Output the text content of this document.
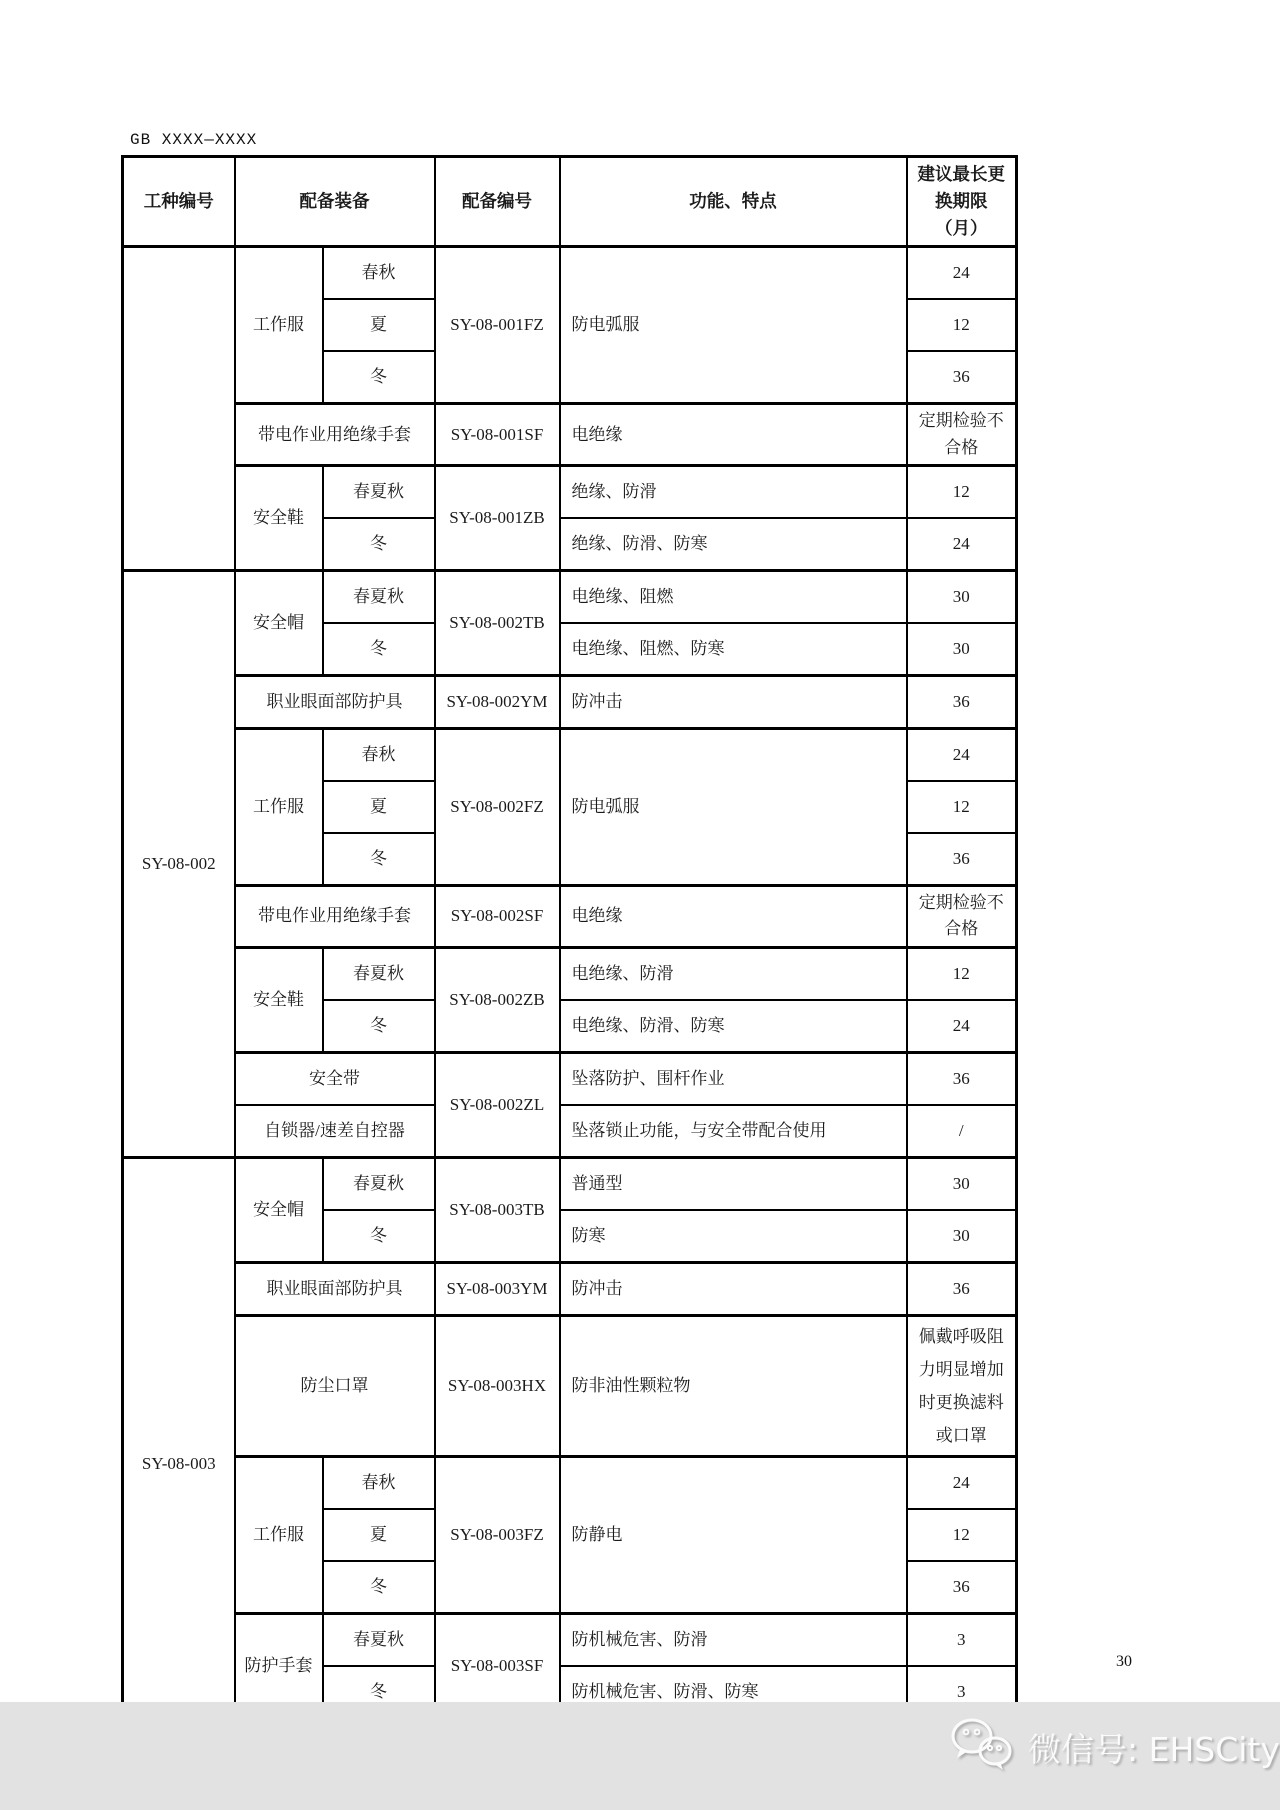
GB XXXX—XXXX
工种编号	配备装备		配备编号	功能、特点	建议最长更换期限（月）
	工作服	春秋	SY-08-001FZ	防电弧服	24
		夏			12
		冬			36
	带电作业用绝缘手套		SY-08-001SF	电绝缘	定期检验不合格
	安全鞋	春夏秋	SY-08-001ZB	绝缘、防滑	12
		冬		绝缘、防滑、防寒	24
SY-08-002	安全帽	春夏秋	SY-08-002TB	电绝缘、阻燃	30
		冬		电绝缘、阻燃、防寒	30
	职业眼面部防护具		SY-08-002YM	防冲击	36
	工作服	春秋	SY-08-002FZ	防电弧服	24
		夏			12
		冬			36
	带电作业用绝缘手套		SY-08-002SF	电绝缘	定期检验不合格
	安全鞋	春夏秋	SY-08-002ZB	电绝缘、防滑	12
		冬		电绝缘、防滑、防寒	24
	安全带		SY-08-002ZL	坠落防护、围杆作业	36
	自锁器/速差自控器			坠落锁止功能，与安全带配合使用	/
SY-08-003	安全帽	春夏秋	SY-08-003TB	普通型	30
		冬		防寒	30
	职业眼面部防护具		SY-08-003YM	防冲击	36
	防尘口罩		SY-08-003HX	防非油性颗粒物	佩戴呼吸阻力明显增加时更换滤料或口罩
	工作服	春秋	SY-08-003FZ	防静电	24
		夏			12
		冬			36
	防护手套	春夏秋	SY-08-003SF	防机械危害、防滑	3
		冬		防机械危害、防滑、防寒	3

30
微信号: EHSCity
